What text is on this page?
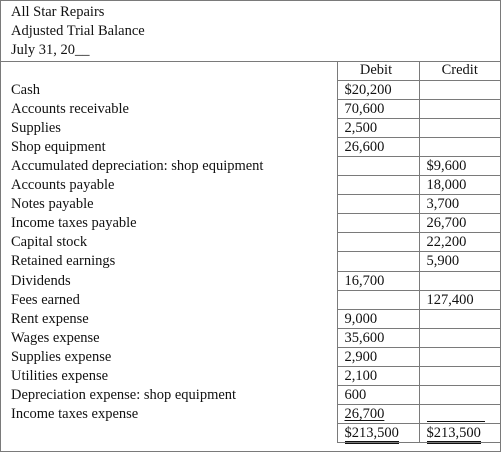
All Star Repairs
Adjusted Trial Balance
July 31, 20__
	Debit	Credit
Cash	$20,200	
Accounts receivable	70,600	
Supplies	2,500	
Shop equipment	26,600	
Accumulated depreciation: shop equipment		$9,600
Accounts payable		18,000
Notes payable		3,700
Income taxes payable		26,700
Capital stock		22,200
Retained earnings		5,900
Dividends	16,700	
Fees earned		127,400
Rent expense	9,000	
Wages expense	35,600	
Supplies expense	2,900	
Utilities expense	2,100	
Depreciation expense: shop equipment	600	
Income taxes expense	26,700	
	$213,500	$213,500
